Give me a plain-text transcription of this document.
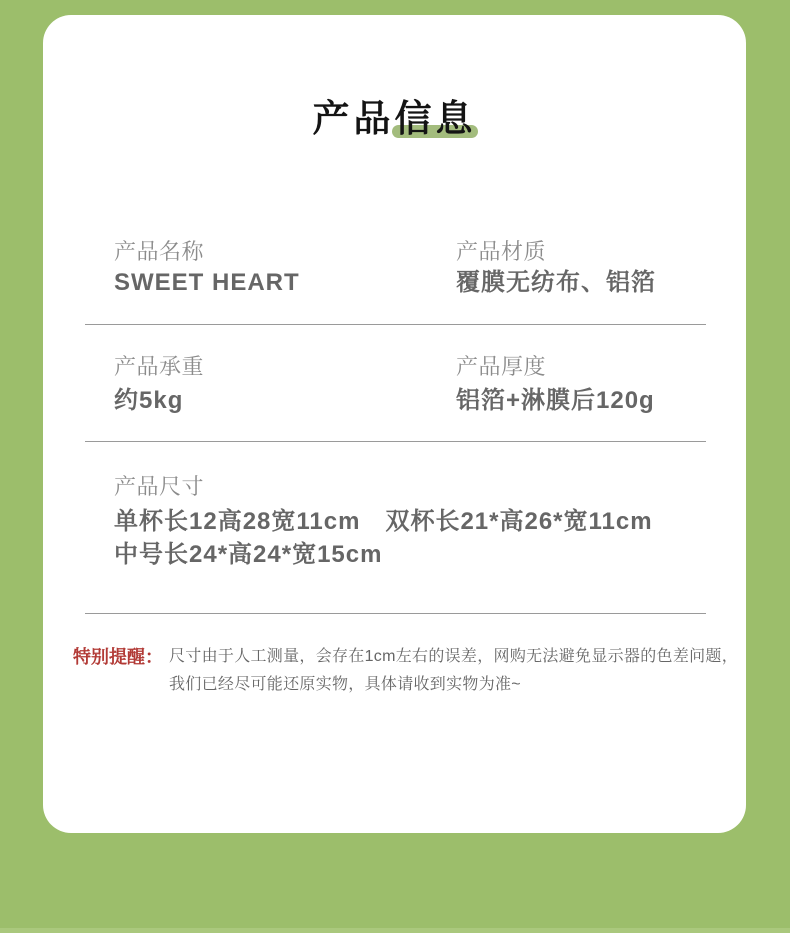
产品信息
产品名称
SWEET HEART
产品材质
覆膜无纺布、铝箔
产品承重
约5kg
产品厚度
铝箔+淋膜后120g
产品尺寸
单杯长12高28宽11cm　双杯长21*高26*宽11cm
中号长24*高24*宽15cm
特别提醒： 尺寸由于人工测量，会存在1cm左右的误差，网购无法避免显示器的色差问题，
我们已经尽可能还原实物，具体请收到实物为准~
